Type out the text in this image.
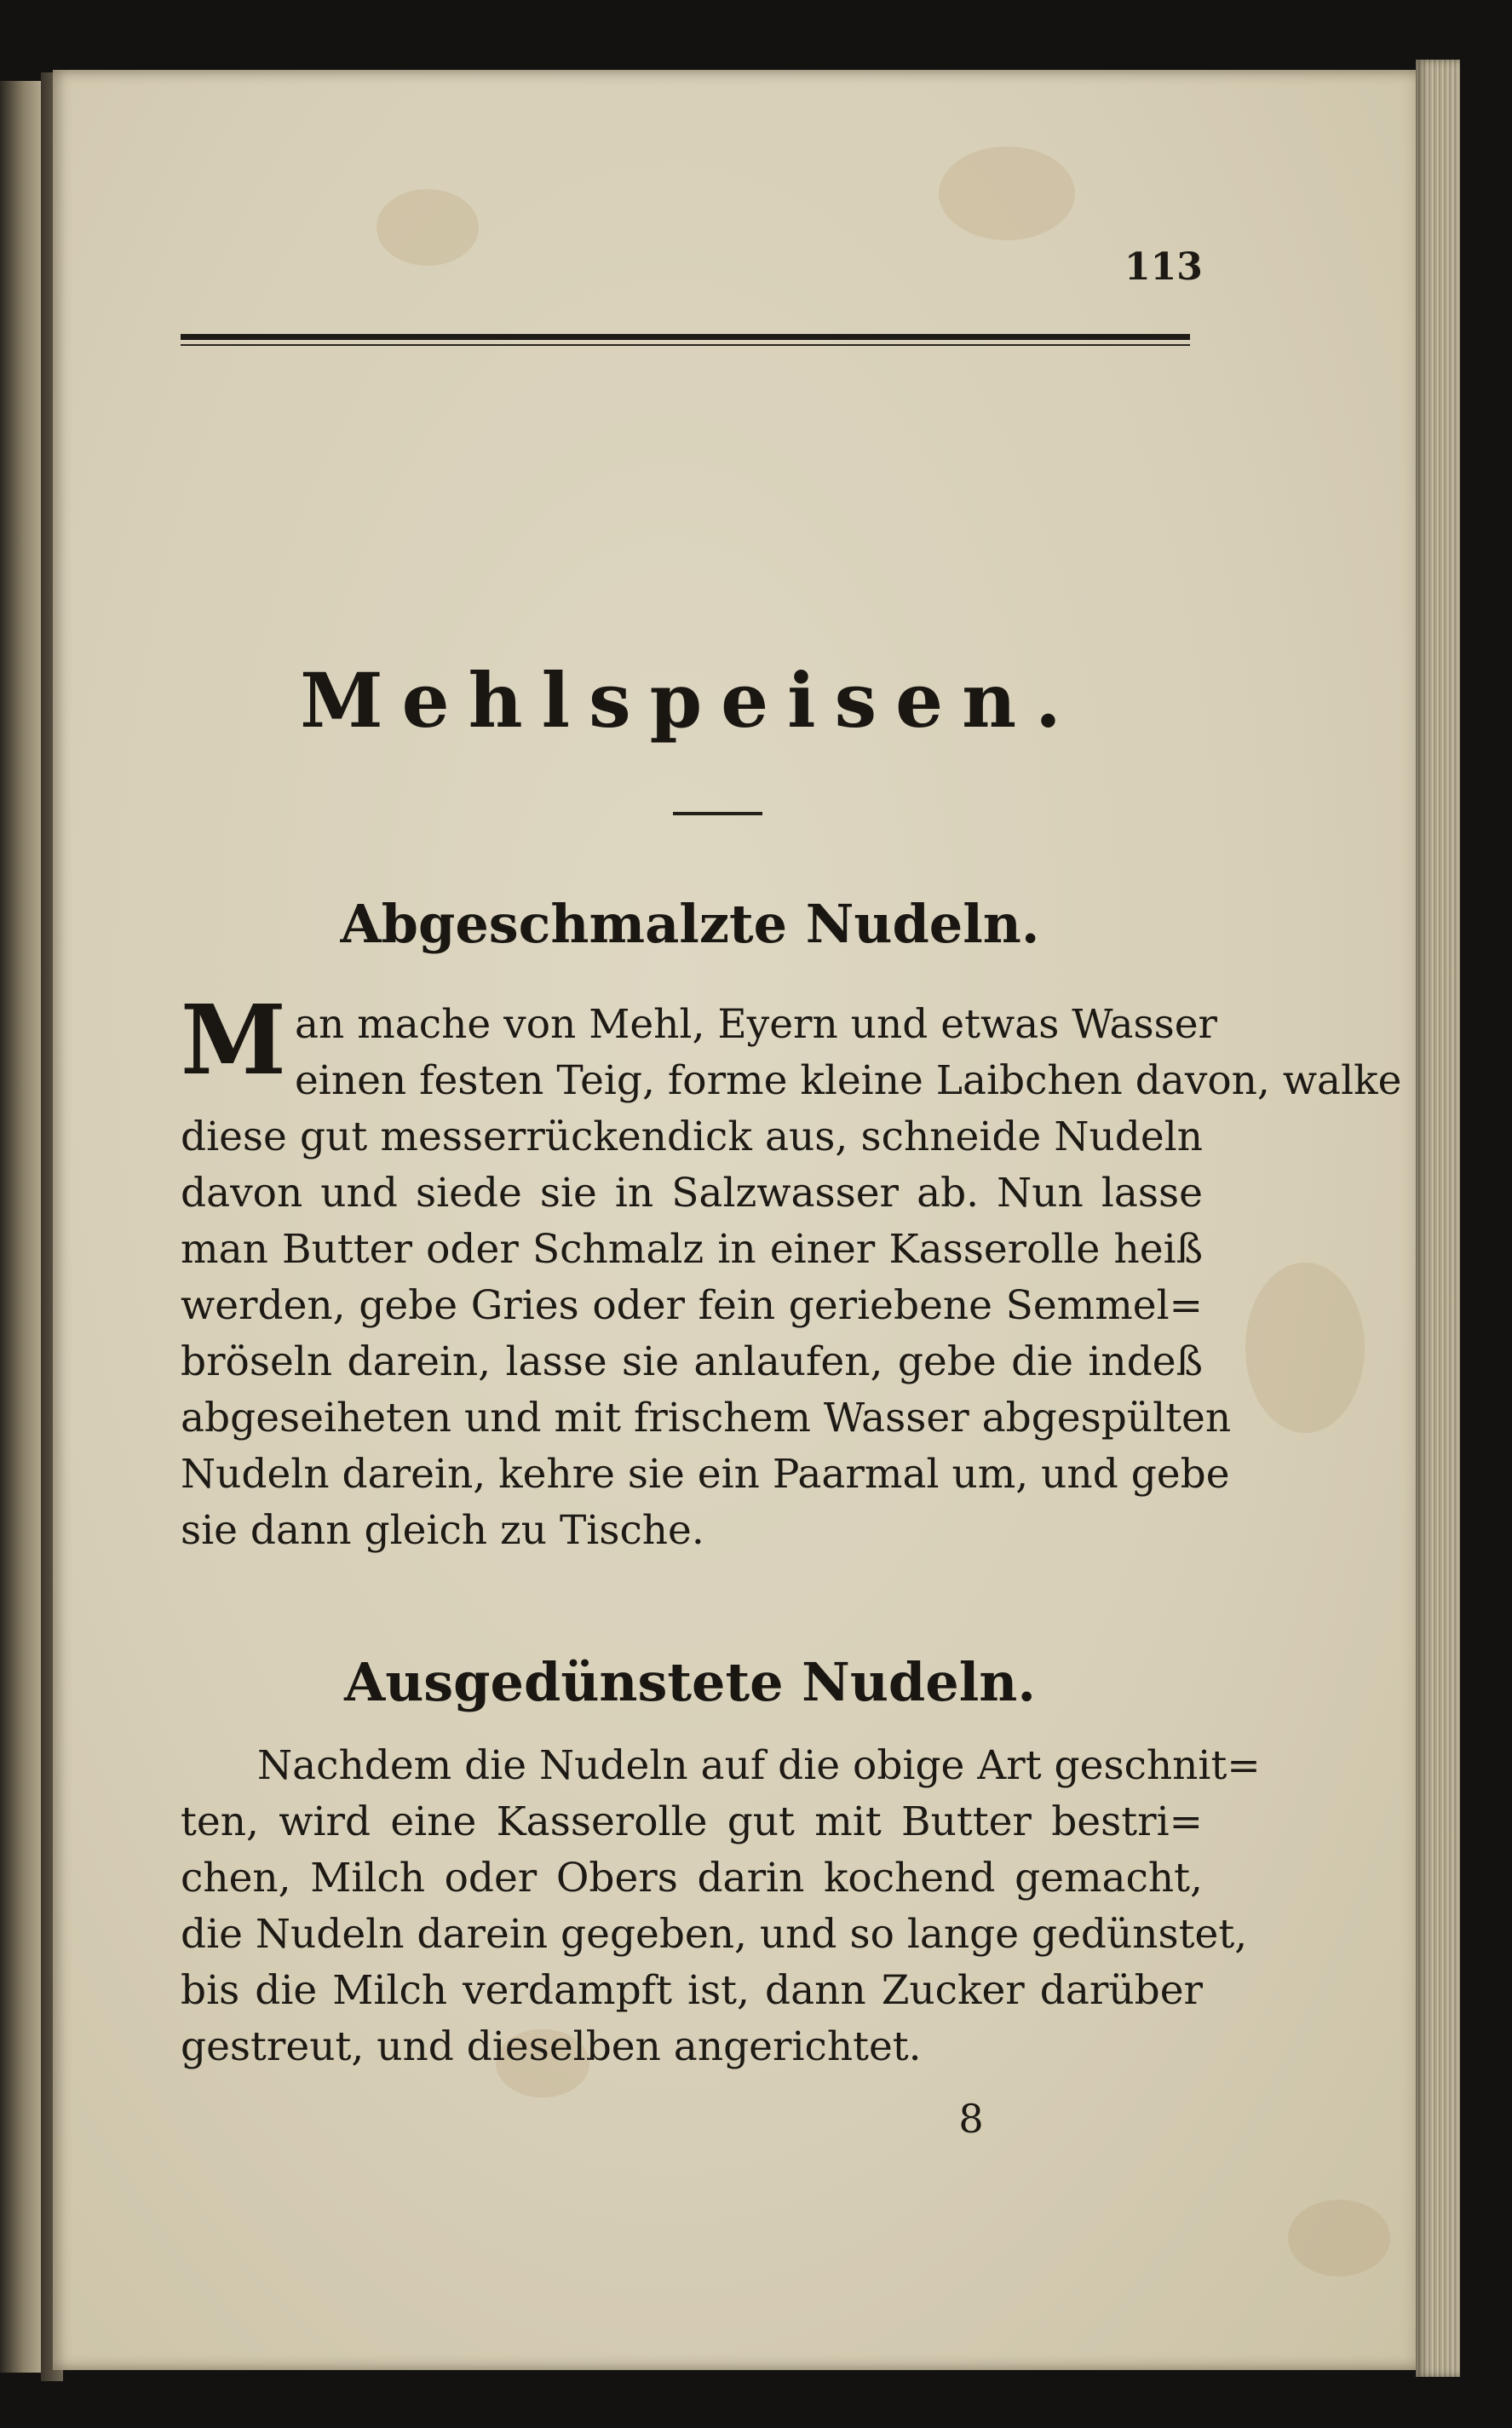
113
Mehlspeisen.
Abgeschmalzte Nudeln.
M an mache von Mehl, Eyern und etwas Wasser
einen festen Teig, forme kleine Laibchen davon, walke
diese gut messerrückendick aus, schneide Nudeln
davon und siede sie in Salzwasser ab. Nun lasse
man Butter oder Schmalz in einer Kasserolle heiß
werden, gebe Gries oder fein geriebene Semmel=
bröseln darein, lasse sie anlaufen, gebe die indeß
abgeseiheten und mit frischem Wasser abgespülten
Nudeln darein, kehre sie ein Paarmal um, und gebe
sie dann gleich zu Tische.
Ausgedünstete Nudeln.
Nachdem die Nudeln auf die obige Art geschnit=
ten, wird eine Kasserolle gut mit Butter bestri=
chen, Milch oder Obers darin kochend gemacht,
die Nudeln darein gegeben, und so lange gedünstet,
bis die Milch verdampft ist, dann Zucker darüber
gestreut, und dieselben angerichtet.
8
